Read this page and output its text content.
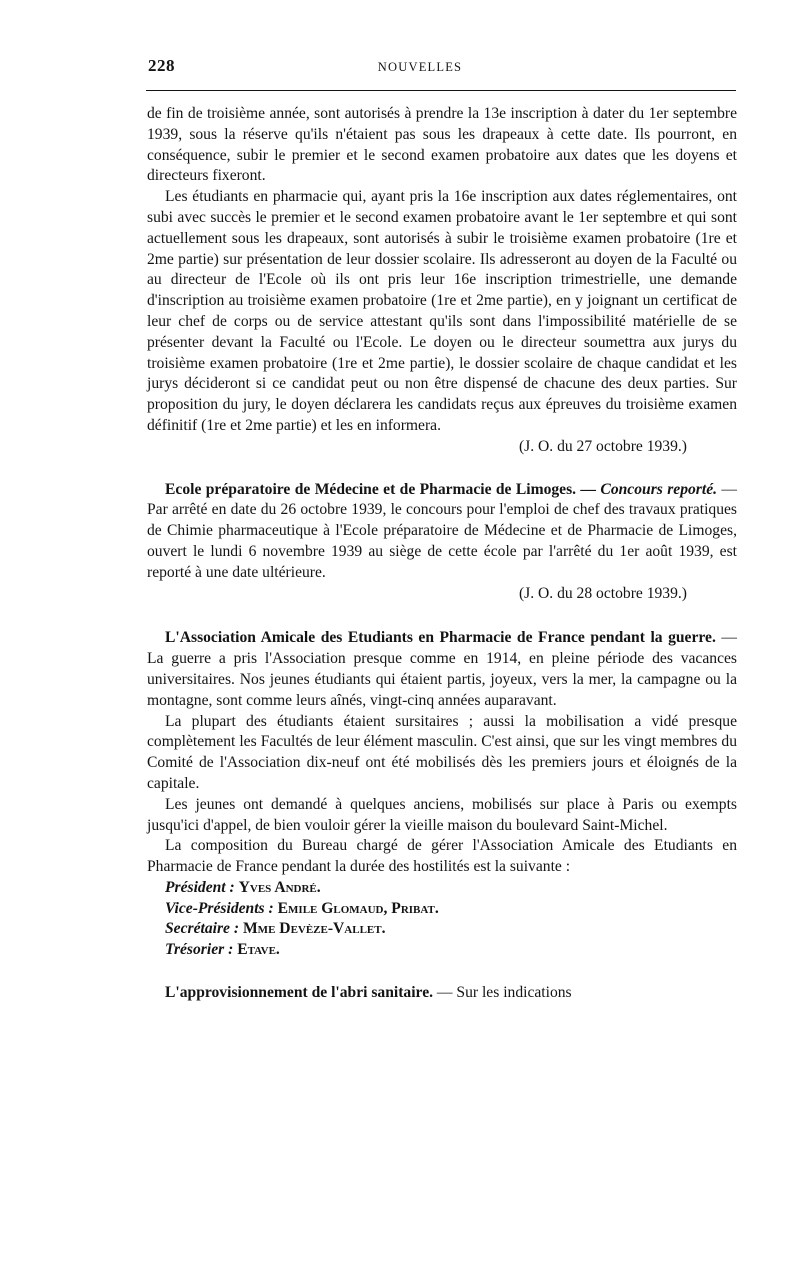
228	NOUVELLES

de fin de troisième année, sont autorisés à prendre la 13e inscription à dater du 1er septembre 1939, sous la réserve qu'ils n'étaient pas sous les drapeaux à cette date. Ils pourront, en conséquence, subir le premier et le second examen probatoire aux dates que les doyens et directeurs fixeront.

Les étudiants en pharmacie qui, ayant pris la 16e inscription aux dates réglementaires, ont subi avec succès le premier et le second examen probatoire avant le 1er septembre et qui sont actuellement sous les drapeaux, sont autorisés à subir le troisième examen probatoire (1re et 2me partie) sur présentation de leur dossier scolaire. Ils adresseront au doyen de la Faculté ou au directeur de l'Ecole où ils ont pris leur 16e inscription trimestrielle, une demande d'inscription au troisième examen probatoire (1re et 2me partie), en y joignant un certificat de leur chef de corps ou de service attestant qu'ils sont dans l'impossibilité matérielle de se présenter devant la Faculté ou l'Ecole. Le doyen ou le directeur soumettra aux jurys du troisième examen probatoire (1re et 2me partie), le dossier scolaire de chaque candidat et les jurys décideront si ce candidat peut ou non être dispensé de chacune des deux parties. Sur proposition du jury, le doyen déclarera les candidats reçus aux épreuves du troisième examen définitif (1re et 2me partie) et les en informera.

(J. O. du 27 octobre 1939.)

Ecole préparatoire de Médecine et de Pharmacie de Limoges. — Concours reporté. — Par arrêté en date du 26 octobre 1939, le concours pour l'emploi de chef des travaux pratiques de Chimie pharmaceutique à l'Ecole préparatoire de Médecine et de Pharmacie de Limoges, ouvert le lundi 6 novembre 1939 au siège de cette école par l'arrêté du 1er août 1939, est reporté à une date ultérieure.

(J. O. du 28 octobre 1939.)

L'Association Amicale des Etudiants en Pharmacie de France pendant la guerre. — La guerre a pris l'Association presque comme en 1914, en pleine période des vacances universitaires. Nos jeunes étudiants qui étaient partis, joyeux, vers la mer, la campagne ou la montagne, sont comme leurs aînés, vingt-cinq années auparavant.

La plupart des étudiants étaient sursitaires ; aussi la mobilisation a vidé presque complètement les Facultés de leur élément masculin. C'est ainsi, que sur les vingt membres du Comité de l'Association dix-neuf ont été mobilisés dès les premiers jours et éloignés de la capitale.

Les jeunes ont demandé à quelques anciens, mobilisés sur place à Paris ou exempts jusqu'ici d'appel, de bien vouloir gérer la vieille maison du boulevard Saint-Michel.

La composition du Bureau chargé de gérer l'Association Amicale des Etudiants en Pharmacie de France pendant la durée des hostilités est la suivante :

Président : Yves André.

Vice-Présidents : Emile Glomaud, Pribat.

Secrétaire : Mme Devèze-Vallet.

Trésorier : Etave.

L'approvisionnement de l'abri sanitaire. — Sur les indications
